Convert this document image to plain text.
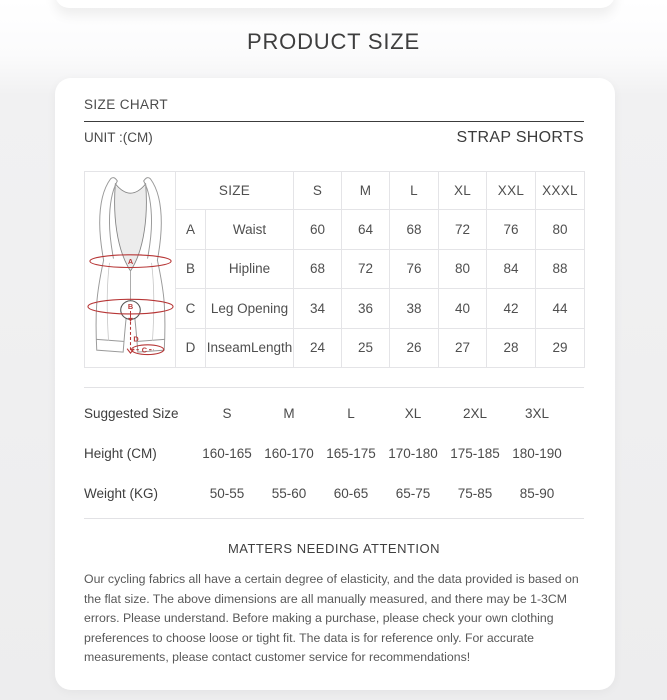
PRODUCT SIZE
SIZE CHART
UNIT :(CM)	STRAP SHORTS
A
B
C
D	SIZE		S	M	L	XL	XXL	XXXL
	A	Waist	60	64	68	72	76	80
	B	Hipline	68	72	76	80	84	88
	C	Leg Opening	34	36	38	40	42	44
	D	InseamLength	24	25	26	27	28	29
Suggested Size	S	M	L	XL	2XL	3XL
Height (CM)	160-165 160-170 165-175 170-180 175-185 180-190
Weight (KG)	50-55	55-60	60-65	65-75	75-85	85-90
MATTERS NEEDING ATTENTION

Our cycling fabrics all have a certain degree of elasticity, and the data provided is based on the flat size. The above dimensions are all manually measured, and there may be 1-3CM errors. Please understand. Before making a purchase, please check your own clothing preferences to choose loose or tight fit. The data is for reference only. For accurate measurements, please contact customer service for recommendations!
